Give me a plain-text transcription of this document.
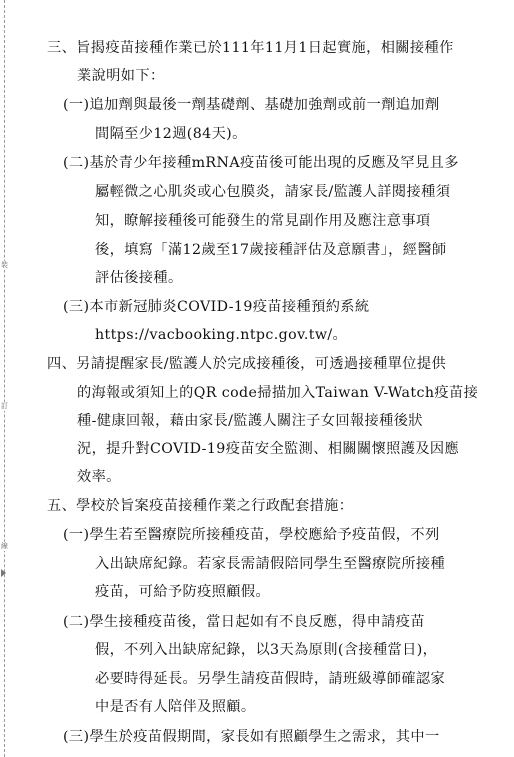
裝
訂
線
三、旨揭疫苗接種作業已於111年11月1日起實施，相關接種作
業說明如下：
(一)追加劑與最後一劑基礎劑、基礎加強劑或前一劑追加劑
間隔至少12週(84天)。
(二)基於青少年接種mRNA疫苗後可能出現的反應及罕見且多
屬輕微之心肌炎或心包膜炎，請家長/監護人詳閱接種須
知，瞭解接種後可能發生的常見副作用及應注意事項
後，填寫「滿12歲至17歲接種評估及意願書」，經醫師
評估後接種。
(三)本市新冠肺炎COVID-19疫苗接種預約系統
https://vacbooking.ntpc.gov.tw/。
四、另請提醒家長/監護人於完成接種後，可透過接種單位提供
的海報或須知上的QR code掃描加入Taiwan V-Watch疫苗接
種-健康回報，藉由家長/監護人關注子女回報接種後狀
況，提升對COVID-19疫苗安全監測、相關關懷照護及因應
效率。
五、學校於旨案疫苗接種作業之行政配套措施：
(一)學生若至醫療院所接種疫苗，學校應給予疫苗假，不列
入出缺席紀錄。若家長需請假陪同學生至醫療院所接種
疫苗，可給予防疫照顧假。
(二)學生接種疫苗後，當日起如有不良反應，得申請疫苗
假，不列入出缺席紀錄，以3天為原則(含接種當日)，
必要時得延長。另學生請疫苗假時，請班級導師確認家
中是否有人陪伴及照顧。
(三)學生於疫苗假期間，家長如有照顧學生之需求，其中一
